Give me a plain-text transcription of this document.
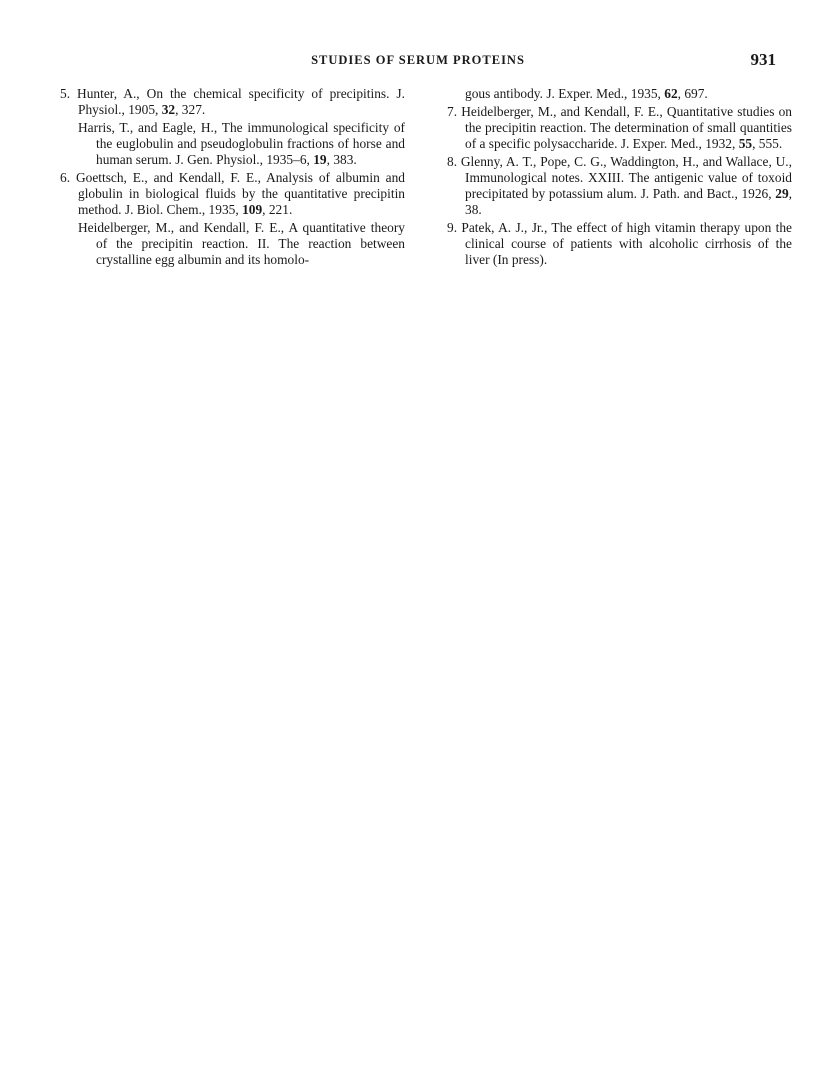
STUDIES OF SERUM PROTEINS	931

5. Hunter, A., On the chemical specificity of precipitins. J. Physiol., 1905, 32, 327.

Harris, T., and Eagle, H., The immunological specificity of the euglobulin and pseudoglobulin fractions of horse and human serum. J. Gen. Physiol., 1935–6, 19, 383.

6. Goettsch, E., and Kendall, F. E., Analysis of albumin and globulin in biological fluids by the quantitative precipitin method. J. Biol. Chem., 1935, 109, 221.

Heidelberger, M., and Kendall, F. E., A quantitative theory of the precipitin reaction. II. The reaction between crystalline egg albumin and its homolo-

gous antibody. J. Exper. Med., 1935, 62, 697.

7. Heidelberger, M., and Kendall, F. E., Quantitative studies on the precipitin reaction. The determination of small quantities of a specific polysaccharide. J. Exper. Med., 1932, 55, 555.

8. Glenny, A. T., Pope, C. G., Waddington, H., and Wallace, U., Immunological notes. XXIII. The antigenic value of toxoid precipitated by potassium alum. J. Path. and Bact., 1926, 29, 38.

9. Patek, A. J., Jr., The effect of high vitamin therapy upon the clinical course of patients with alcoholic cirrhosis of the liver (In press).
